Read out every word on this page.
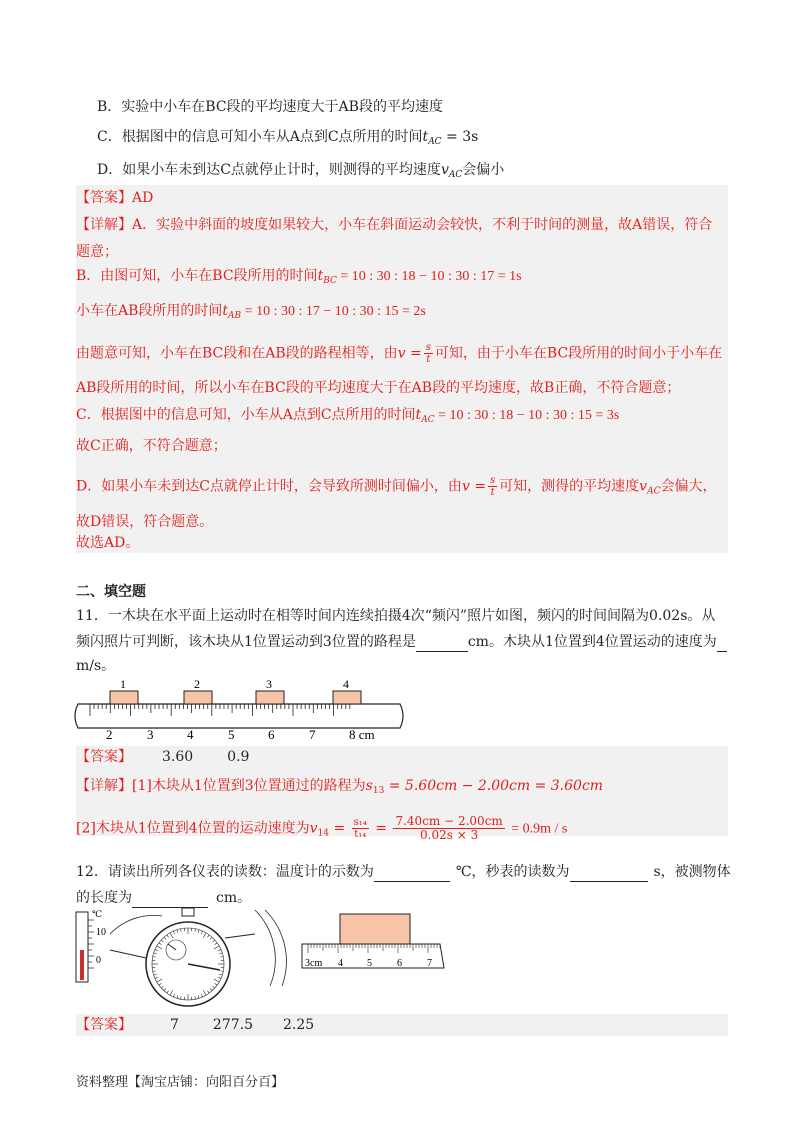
B．实验中小车在BC段的平均速度大于AB段的平均速度
C．根据图中的信息可知小车从A点到C点所用的时间$t_{AC} = 3s$
D．如果小车未到达C点就停止计时，则测得的平均速度$v_{AC}$会偏小
【答案】AD
【详解】A．实验中斜面的坡度如果较大，小车在斜面运动会较快，不利于时间的测量，故A错误，符合
题意；
B．由图可知，小车在BC段所用的时间$t_{BC} = 10$ : 30 : 18 − 10 : 30 : 17 = 1s
小车在AB段所用的时间$t_{AB} = 10$ : 30 : 17 − 10 : 30 : 15 = 2s
由题意可知，小车在BC段和在AB段的路程相等，由$v = \frac{s}{t}$ 可知，由于小车在BC段所用的时间小于小车在
AB段所用的时间，所以小车在BC段的平均速度大于在AB段的平均速度，故B正确，不符合题意；
C．根据图中的信息可知，小车从A点到C点所用的时间$t_{AC} = 10$ : 30 : 18 − 10 : 30 : 15 = 3s
故C正确，不符合题意；
D．如果小车未到达C点就停止计时，会导致所测时间偏小，由$v = \frac{s}{t}$ 可知，测得的平均速度$v_{AC}$会偏大，
故D错误，符合题意。
故选AD。
二、填空题
11．一木块在水平面上运动时在相等时间内连续拍摄4次“频闪”照片如图，频闪的时间间隔为0.02s。从
频闪照片可判断，该木块从1位置运动到3位置的路程是	cm。木块从1位置到4位置运动的速度为
m/s。
1	2	3	4
2	3	4	5	6	7	8 cm
【答案】 3.60 0.9
【详解】[1]木块从1位置到3位置通过的路程为$s_{13} = 5.60cm - 2.00cm = 3.60cm$
[2]木块从1位置到4位置的运动速度为$v_{14} = \frac{\text{s₁₄}}{\text{t₁₄}} = \frac{7.40cm - 2.00cm}{0.02s \times 3} = 0.9m / s$
12．请读出所列各仪表的读数：温度计的示数为	℃，秒表的读数为	s，被测物体
的长度为	cm。
℃
10
0	3cm 4 5	6	7
【答案】	7 277.5 2.25
资料整理【淘宝店铺：向阳百分百】
